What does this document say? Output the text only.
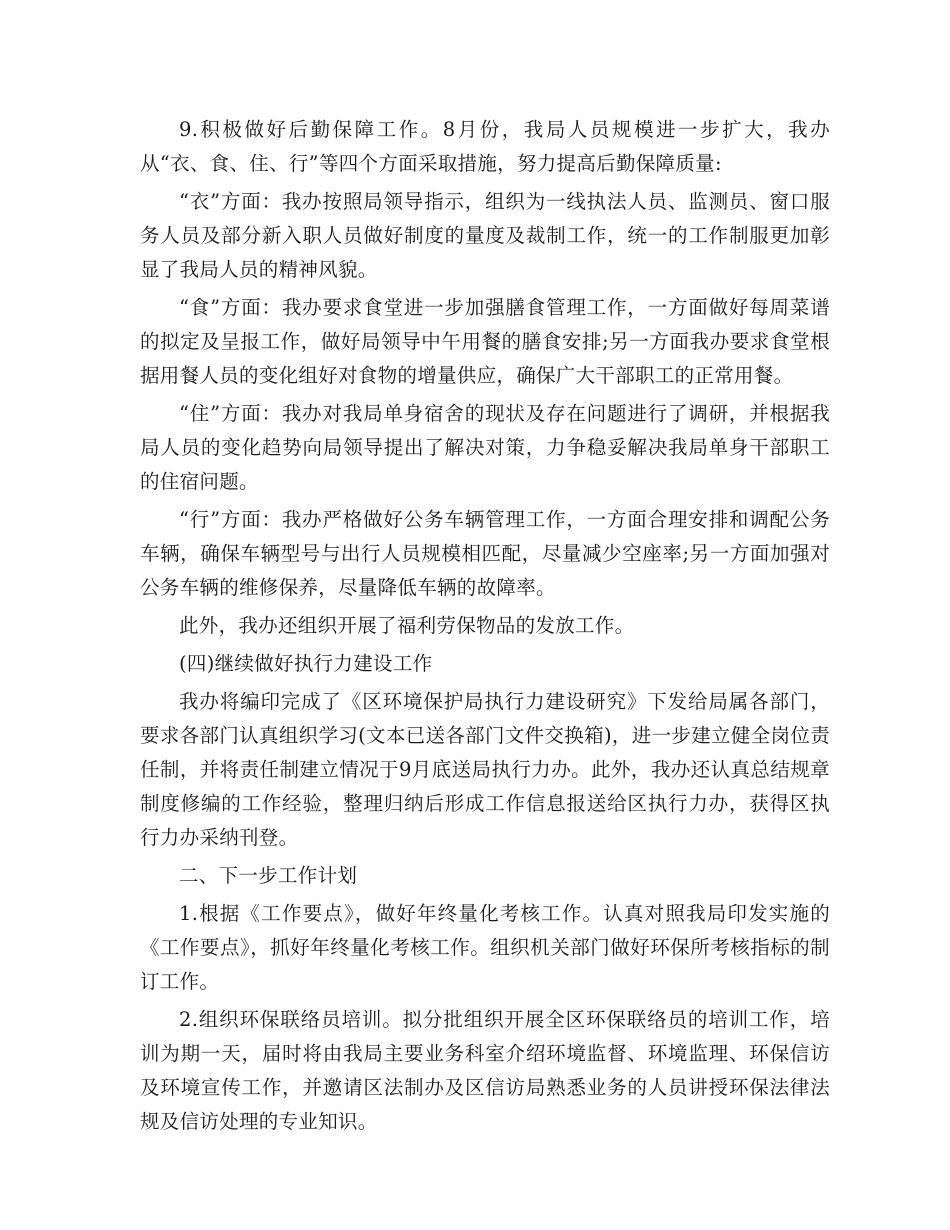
9.积极做好后勤保障工作。8月份，我局人员规模进一步扩大，我办从“衣、食、住、行”等四个方面采取措施，努力提高后勤保障质量:

“衣”方面：我办按照局领导指示，组织为一线执法人员、监测员、窗口服务人员及部分新入职人员做好制度的量度及裁制工作，统一的工作制服更加彰显了我局人员的精神风貌。

“食”方面：我办要求食堂进一步加强膳食管理工作，一方面做好每周菜谱的拟定及呈报工作，做好局领导中午用餐的膳食安排;另一方面我办要求食堂根据用餐人员的变化组好对食物的增量供应，确保广大干部职工的正常用餐。

“住”方面：我办对我局单身宿舍的现状及存在问题进行了调研，并根据我局人员的变化趋势向局领导提出了解决对策，力争稳妥解决我局单身干部职工的住宿问题。

“行”方面：我办严格做好公务车辆管理工作，一方面合理安排和调配公务车辆，确保车辆型号与出行人员规模相匹配，尽量减少空座率;另一方面加强对公务车辆的维修保养，尽量降低车辆的故障率。

此外，我办还组织开展了福利劳保物品的发放工作。

(四)继续做好执行力建设工作

我办将编印完成了《区环境保护局执行力建设研究》下发给局属各部门，要求各部门认真组织学习(文本已送各部门文件交换箱)，进一步建立健全岗位责任制，并将责任制建立情况于9月底送局执行力办。此外，我办还认真总结规章制度修编的工作经验，整理归纳后形成工作信息报送给区执行力办，获得区执行力办采纳刊登。

二、下一步工作计划

1.根据《工作要点》，做好年终量化考核工作。认真对照我局印发实施的《工作要点》，抓好年终量化考核工作。组织机关部门做好环保所考核指标的制订工作。

2.组织环保联络员培训。拟分批组织开展全区环保联络员的培训工作，培训为期一天，届时将由我局主要业务科室介绍环境监督、环境监理、环保信访及环境宣传工作，并邀请区法制办及区信访局熟悉业务的人员讲授环保法律法规及信访处理的专业知识。
